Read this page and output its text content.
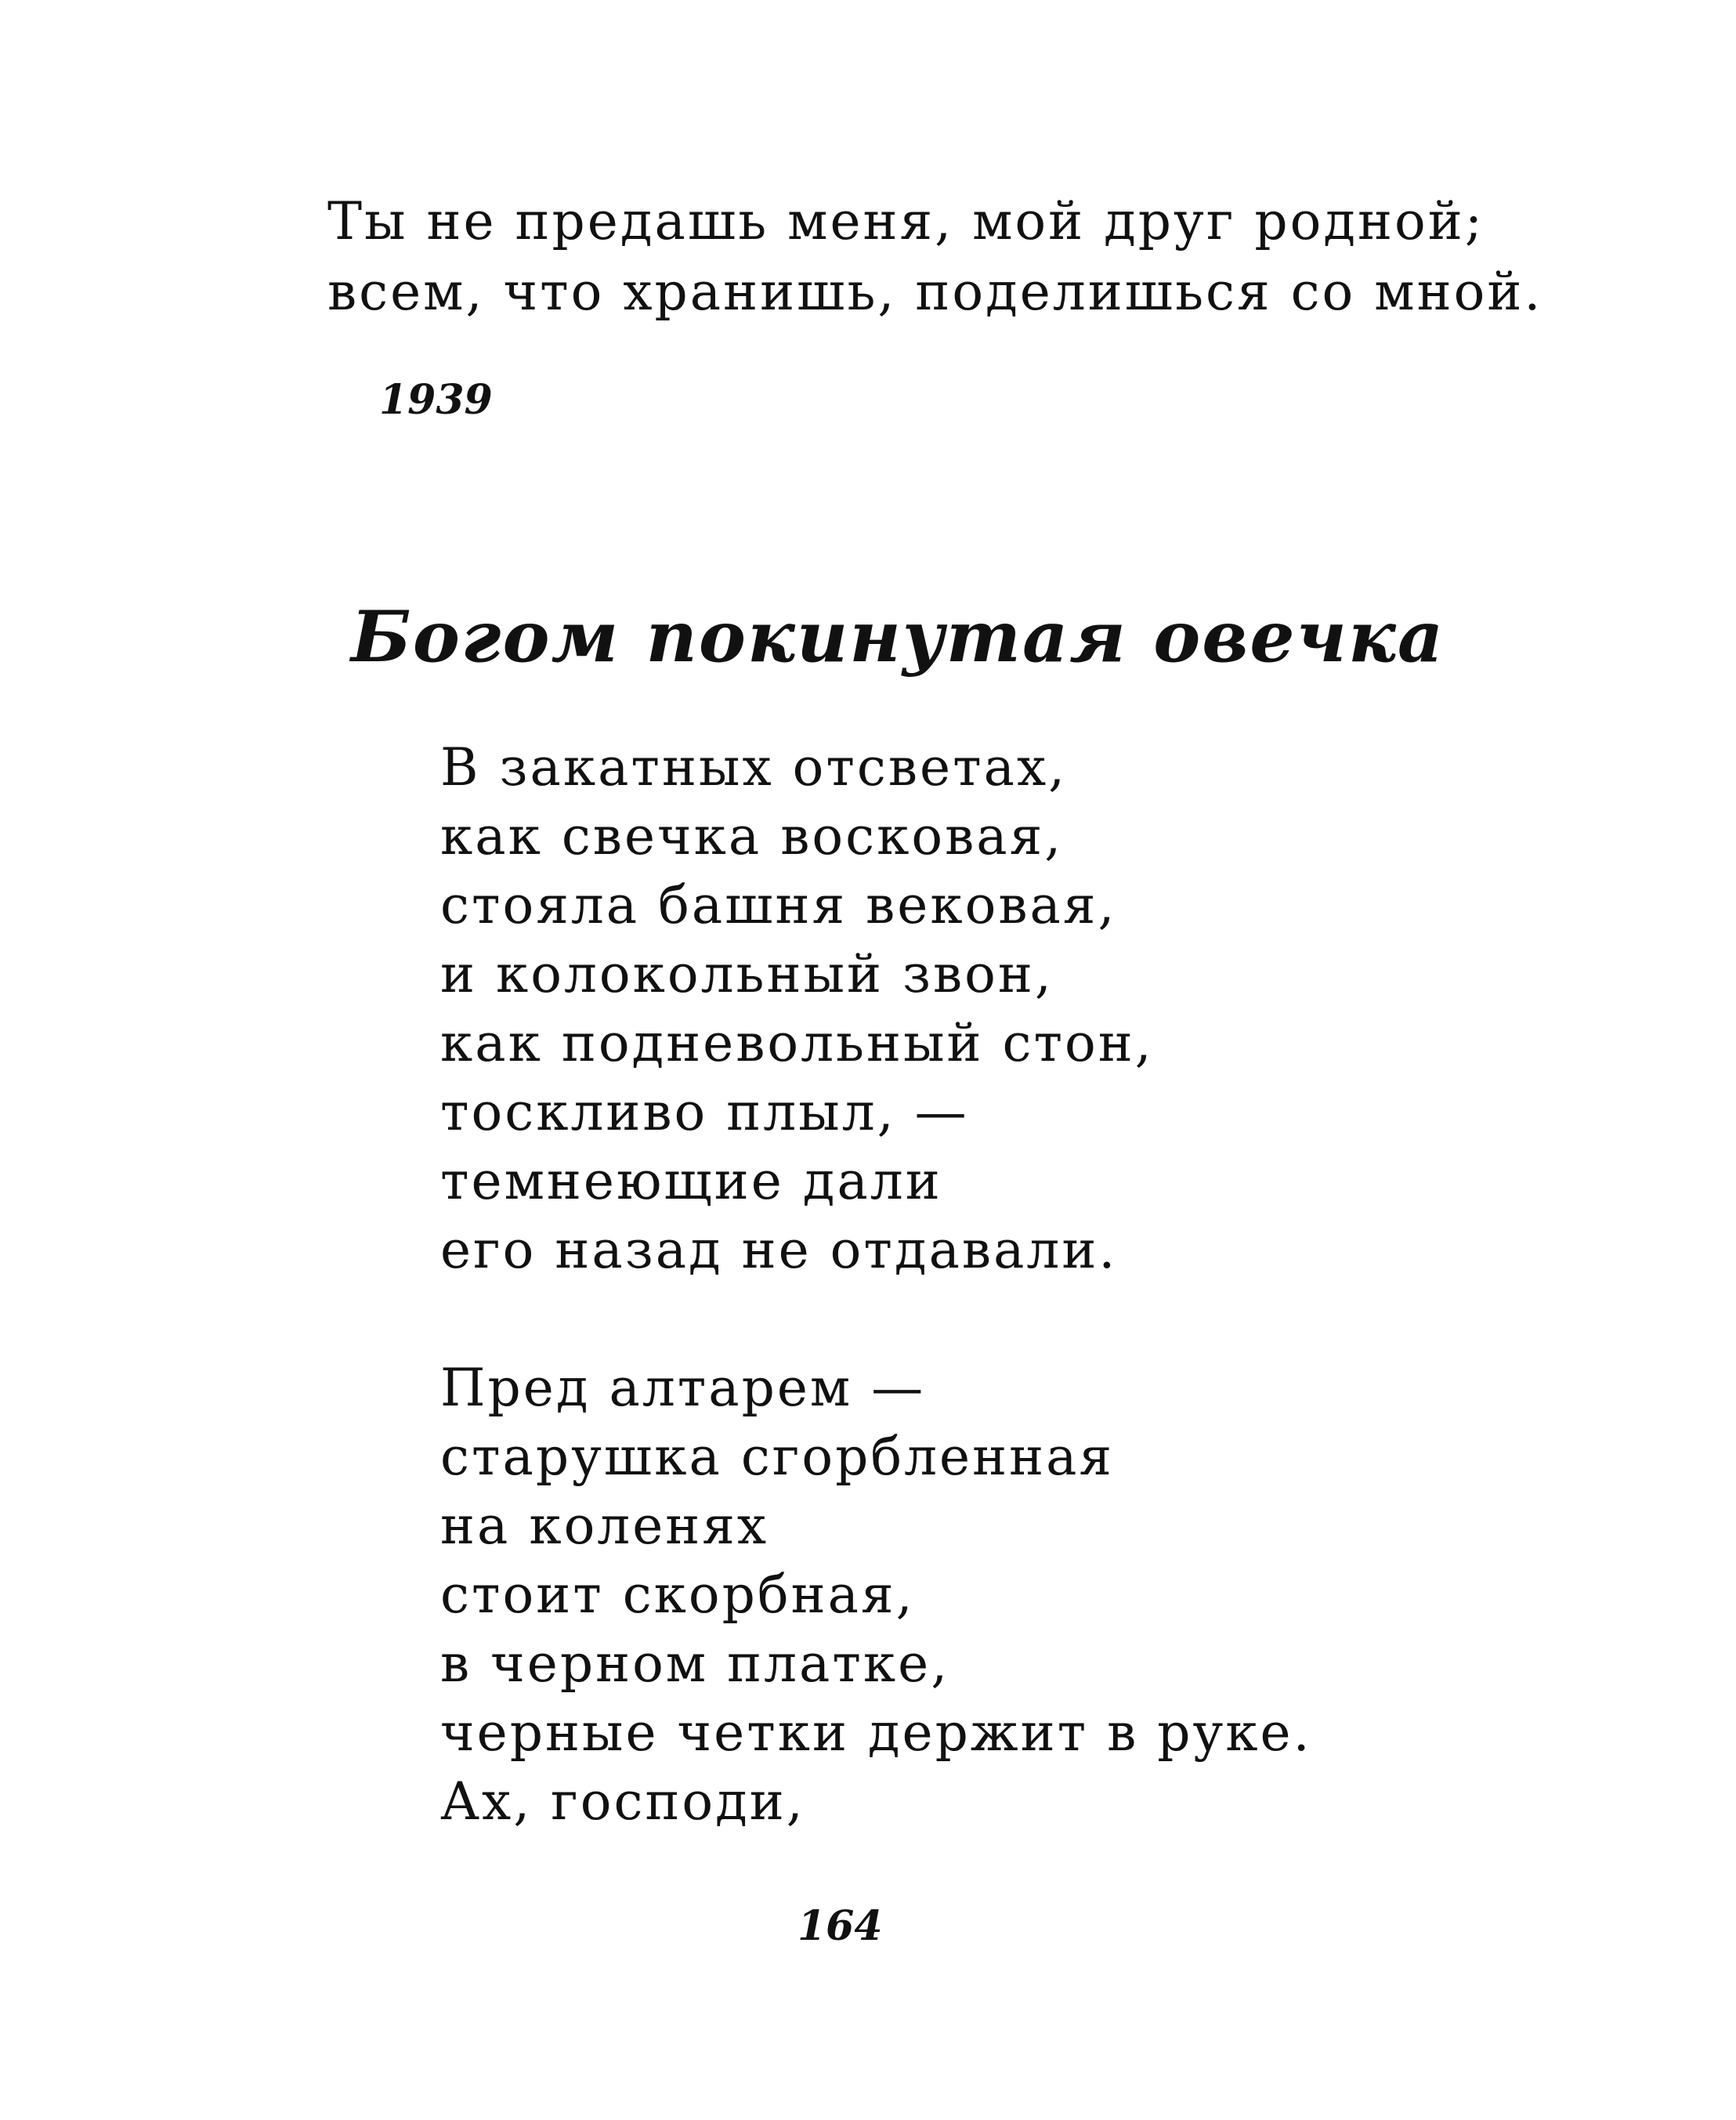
Ты не предашь меня, мой друг родной;
всем, что хранишь, поделишься со мной.
1939
Богом покинутая овечка
В закатных отсветах,
как свечка восковая,
стояла башня вековая,
и колокольный звон,
как подневольный стон,
тоскливо плыл, —
темнеющие дали
его назад не отдавали.
Пред алтарем —
старушка сгорбленная
на коленях
стоит скорбная,
в черном платке,
черные четки держит в руке.
Ах, господи,
164
